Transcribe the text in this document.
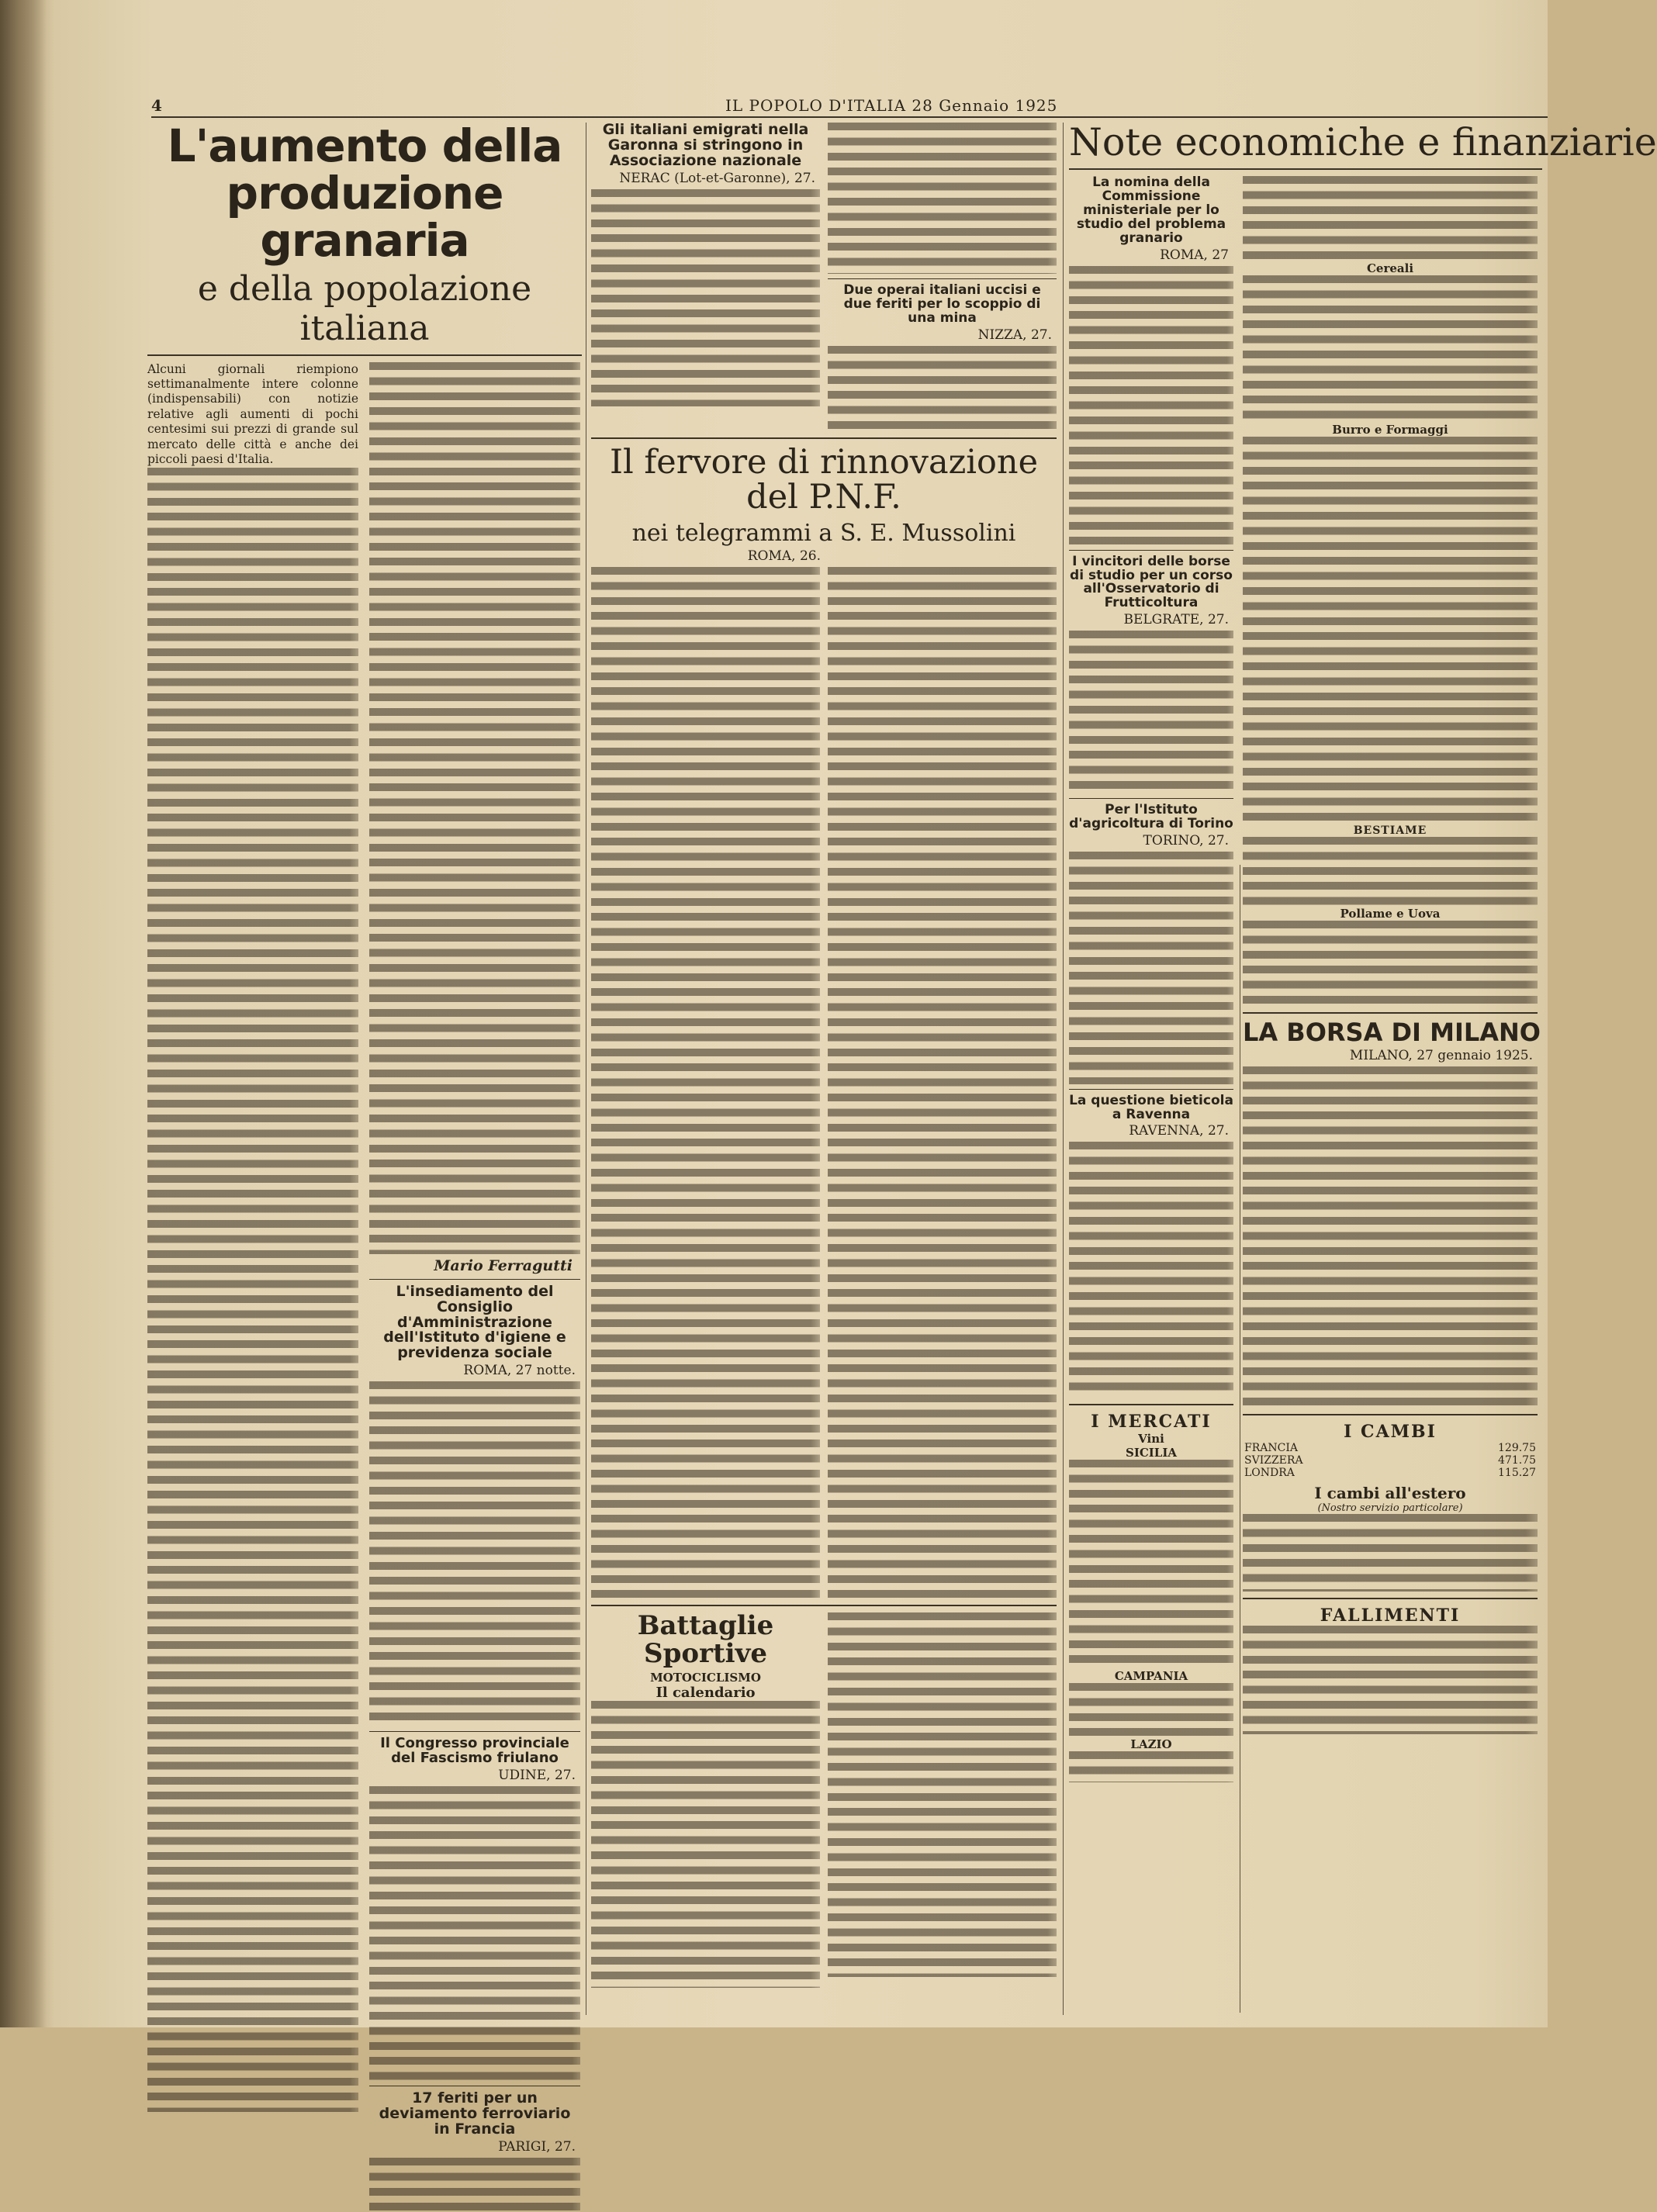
4	IL POPOLO D'ITALIA 28 Gennaio 1925
L'aumento della produzione granaria
e della popolazione italiana

Alcuni giornali riempiono settimanalmente intere colonne (indispensabili) con notizie relative agli aumenti di pochi centesimi sui prezzi di grande sul mercato delle città e anche dei piccoli paesi d'Italia.

Mario Ferragutti
L'insediamento del Consiglio d'Amministrazione dell'Istituto d'igiene e previdenza sociale
ROMA, 27 notte.
Il Congresso provinciale del Fascismo friulano
UDINE, 27.
17 feriti per un deviamento ferroviario in Francia
PARIGI, 27.
Gli italiani emigrati nella Garonna si stringono in Associazione nazionale
NERAC (Lot-et-Garonne), 27.
Due operai italiani uccisi e due feriti per lo scoppio di una mina
NIZZA, 27.
Il fervore di rinnovazione del P.N.F.
nei telegrammi a S. E. Mussolini
ROMA, 26.
Battaglie Sportive
MOTOCICLISMO
Il calendario
Note economiche e finanziarie
La nomina della Commissione ministeriale per lo studio del problema granario
ROMA, 27
I vincitori delle borse di studio per un corso all'Osservatorio di Frutticoltura
BELGRATE, 27.
Per l'Istituto d'agricoltura di Torino
TORINO, 27.
La questione bieticola a Ravenna
RAVENNA, 27.
I MERCATI
Vini
SICILIA
CAMPANIA
LAZIO
Cereali
Burro e Formaggi
BESTIAME
Pollame e Uova
LA BORSA DI MILANO
MILANO, 27 gennaio 1925.
I CAMBI
FRANCIA	129.75
SVIZZERA	471.75
LONDRA	115.27
I cambi all'estero
(Nostro servizio particolare)
FALLIMENTI
